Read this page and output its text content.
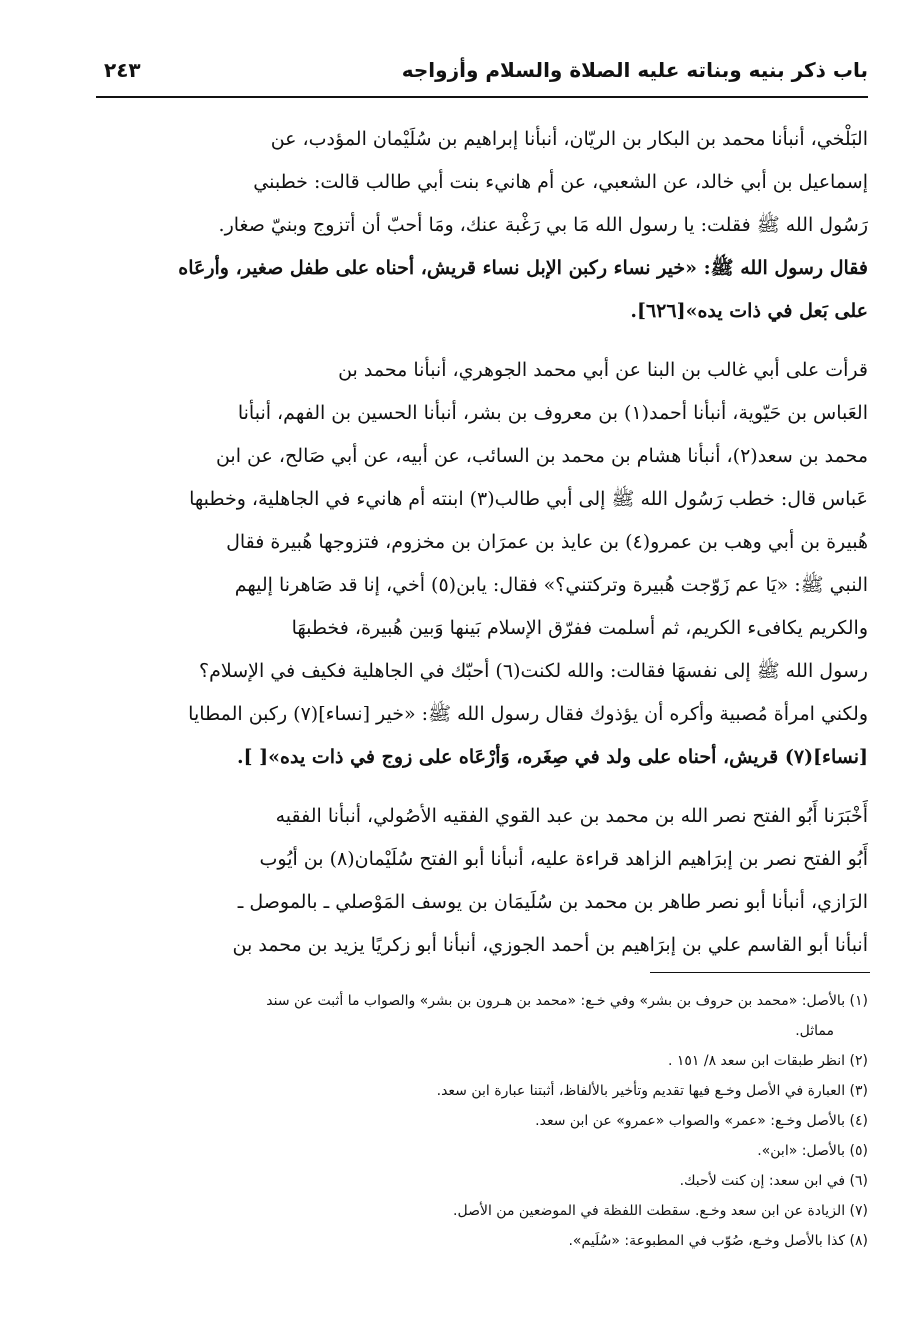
باب ذكر بنيه وبناته عليه الصلاة والسلام وأزواجه
٢٤٣
البَلْخي، أنبأنا محمد بن البكار بن الريّان، أنبأنا إبراهيم بن سُلَيْمان المؤدب، عن
إسماعيل بن أبي خالد، عن الشعبي، عن أم هانيء بنت أبي طالب قالت: خطبني
رَسُول الله ﷺ فقلت: يا رسول الله مَا بي رَغْبة عنك، ومَا أحبّ أن أتزوج وبنيّ صغار.
فقال رسول الله ﷺ: «خير نساء ركبن الإبل نساء قريش، أحناه على طفل صغير، وأرعَاه
على بَعل في ذات يده»[٦٢٦].
قرأت على أبي غالب بن البنا عن أبي محمد الجوهري، أنبأنا محمد بن
العَباس بن حَيّوية، أنبأنا أحمد(١) بن معروف بن بشر، أنبأنا الحسين بن الفهم، أنبأنا
محمد بن سعد(٢)، أنبأنا هشام بن محمد بن السائب، عن أبيه، عن أبي صَالح، عن ابن
عَباس قال: خطب رَسُول الله ﷺ إلى أبي طالب(٣) ابنته أم هانيء في الجاهلية، وخطبها
هُبيرة بن أبي وهب بن عمرو(٤) بن عايذ بن عمرَان بن مخزوم، فتزوجها هُبيرة فقال
النبي ﷺ: «يَا عم زَوّجت هُبيرة وتركتني؟» فقال: يابن(٥) أخي، إنا قد صَاهرنا إليهم
والكريم يكافىء الكريم، ثم أسلمت ففرّق الإسلام بَينها وَبين هُبيرة، فخطبهَا
رسول الله ﷺ إلى نفسهَا فقالت: والله لكنت(٦) أحبّك في الجاهلية فكيف في الإسلام؟
ولكني امرأة مُصبية وأكره أن يؤذوك فقال رسول الله ﷺ: «خير [نساء](٧) ركبن المطايا
[نساء](٧) قريش، أحناه على ولد في صِغَره، وَأرْعَاه على زوج في ذات يده»[ ].
أَخْبَرَنا أَبُو الفتح نصر الله بن محمد بن عبد القوي الفقيه الأصُولي، أنبأنا الفقيه
أَبُو الفتح نصر بن إبرَاهيم الزاهد قراءة عليه، أنبأنا أبو الفتح سُلَيْمان(٨) بن أيُوب
الرَازي، أنبأنا أبو نصر طاهر بن محمد بن سُلَيمَان بن يوسف المَوْصلي ـ بالموصل ـ
أنبأنا أبو القاسم علي بن إبرَاهيم بن أحمد الجوزي، أنبأنا أبو زكريًا يزيد بن محمد بن
(١) بالأصل: «محمد بن حروف بن بشر» وفي خـع: «محمد بن هـرون بن بشر» والصواب ما أثبت عن سند
مماثل.
(٢) انظر طبقات ابن سعد ٨/ ١٥١ .
(٣) العبارة في الأصل وخـع فيها تقديم وتأخير بالألفاظ، أثبتنا عبارة ابن سعد.
(٤) بالأصل وخـع: «عمر» والصواب «عمرو» عن ابن سعد.
(٥) بالأصل: «ابن».
(٦) في ابن سعد: إن كنت لأحبك.
(٧) الزيادة عن ابن سعد وخـع. سقطت اللفظة في الموضعين من الأصل.
(٨) كذا بالأصل وخـع، صُوّب في المطبوعة: «سُلَيم».
